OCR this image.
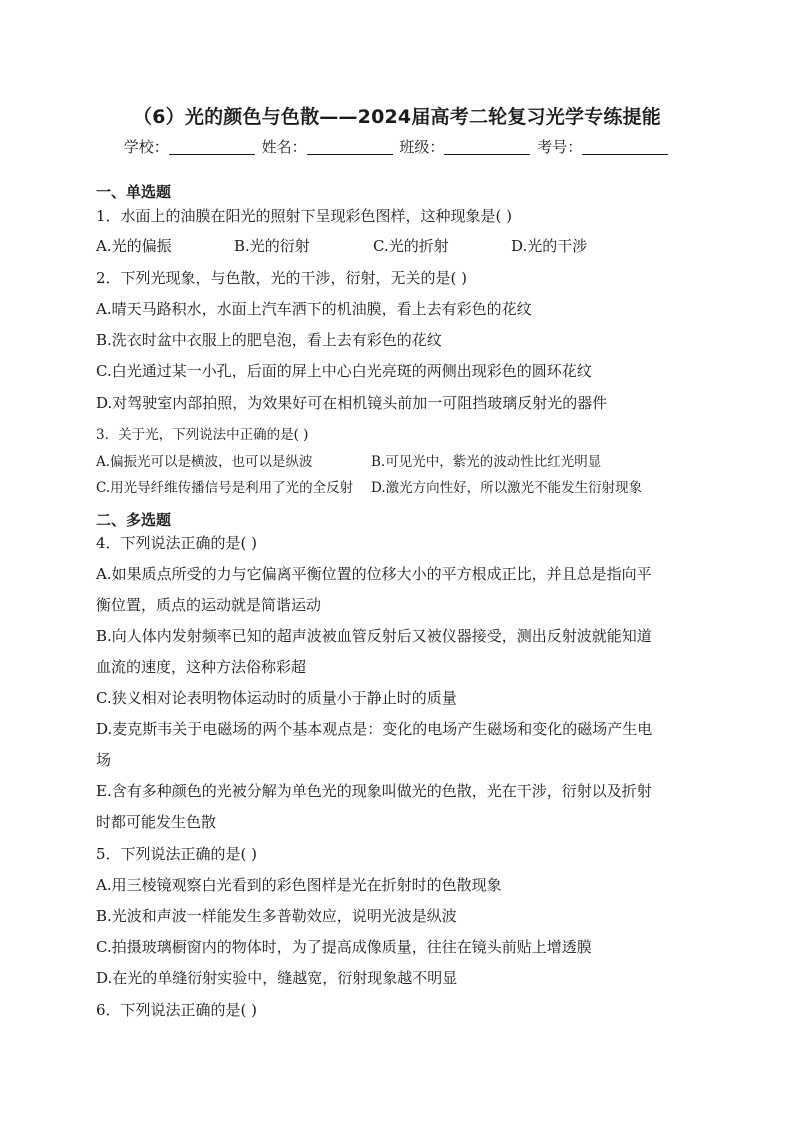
（6）光的颜色与色散——2024届高考二轮复习光学专练提能
学校：	姓名：	班级：	考号：
一、单选题
1．水面上的油膜在阳光的照射下呈现彩色图样，这种现象是( )
A.光的偏振	B.光的衍射	C.光的折射	D.光的干涉
2．下列光现象，与色散，光的干涉，衍射，无关的是( )
A.晴天马路积水，水面上汽车洒下的机油膜，看上去有彩色的花纹
B.洗衣时盆中衣服上的肥皂泡，看上去有彩色的花纹
C.白光通过某一小孔，后面的屏上中心白光亮斑的两侧出现彩色的圆环花纹
D.对驾驶室内部拍照，为效果好可在相机镜头前加一可阻挡玻璃反射光的器件
3．关于光，下列说法中正确的是( )
A.偏振光可以是横波，也可以是纵波	B.可见光中，紫光的波动性比红光明显
C.用光导纤维传播信号是利用了光的全反射 D.激光方向性好，所以激光不能发生衍射现象
二、多选题
4．下列说法正确的是( )
A.如果质点所受的力与它偏离平衡位置的位移大小的平方根成正比，并且总是指向平
衡位置，质点的运动就是简谐运动
B.向人体内发射频率已知的超声波被血管反射后又被仪器接受，测出反射波就能知道
血流的速度，这种方法俗称彩超
C.狭义相对论表明物体运动时的质量小于静止时的质量
D.麦克斯韦关于电磁场的两个基本观点是：变化的电场产生磁场和变化的磁场产生电
场
E.含有多种颜色的光被分解为单色光的现象叫做光的色散，光在干涉，衍射以及折射
时都可能发生色散
5．下列说法正确的是( )
A.用三棱镜观察白光看到的彩色图样是光在折射时的色散现象
B.光波和声波一样能发生多普勒效应，说明光波是纵波
C.拍摄玻璃橱窗内的物体时，为了提高成像质量，往往在镜头前贴上增透膜
D.在光的单缝衍射实验中，缝越宽，衍射现象越不明显
6．下列说法正确的是( )
